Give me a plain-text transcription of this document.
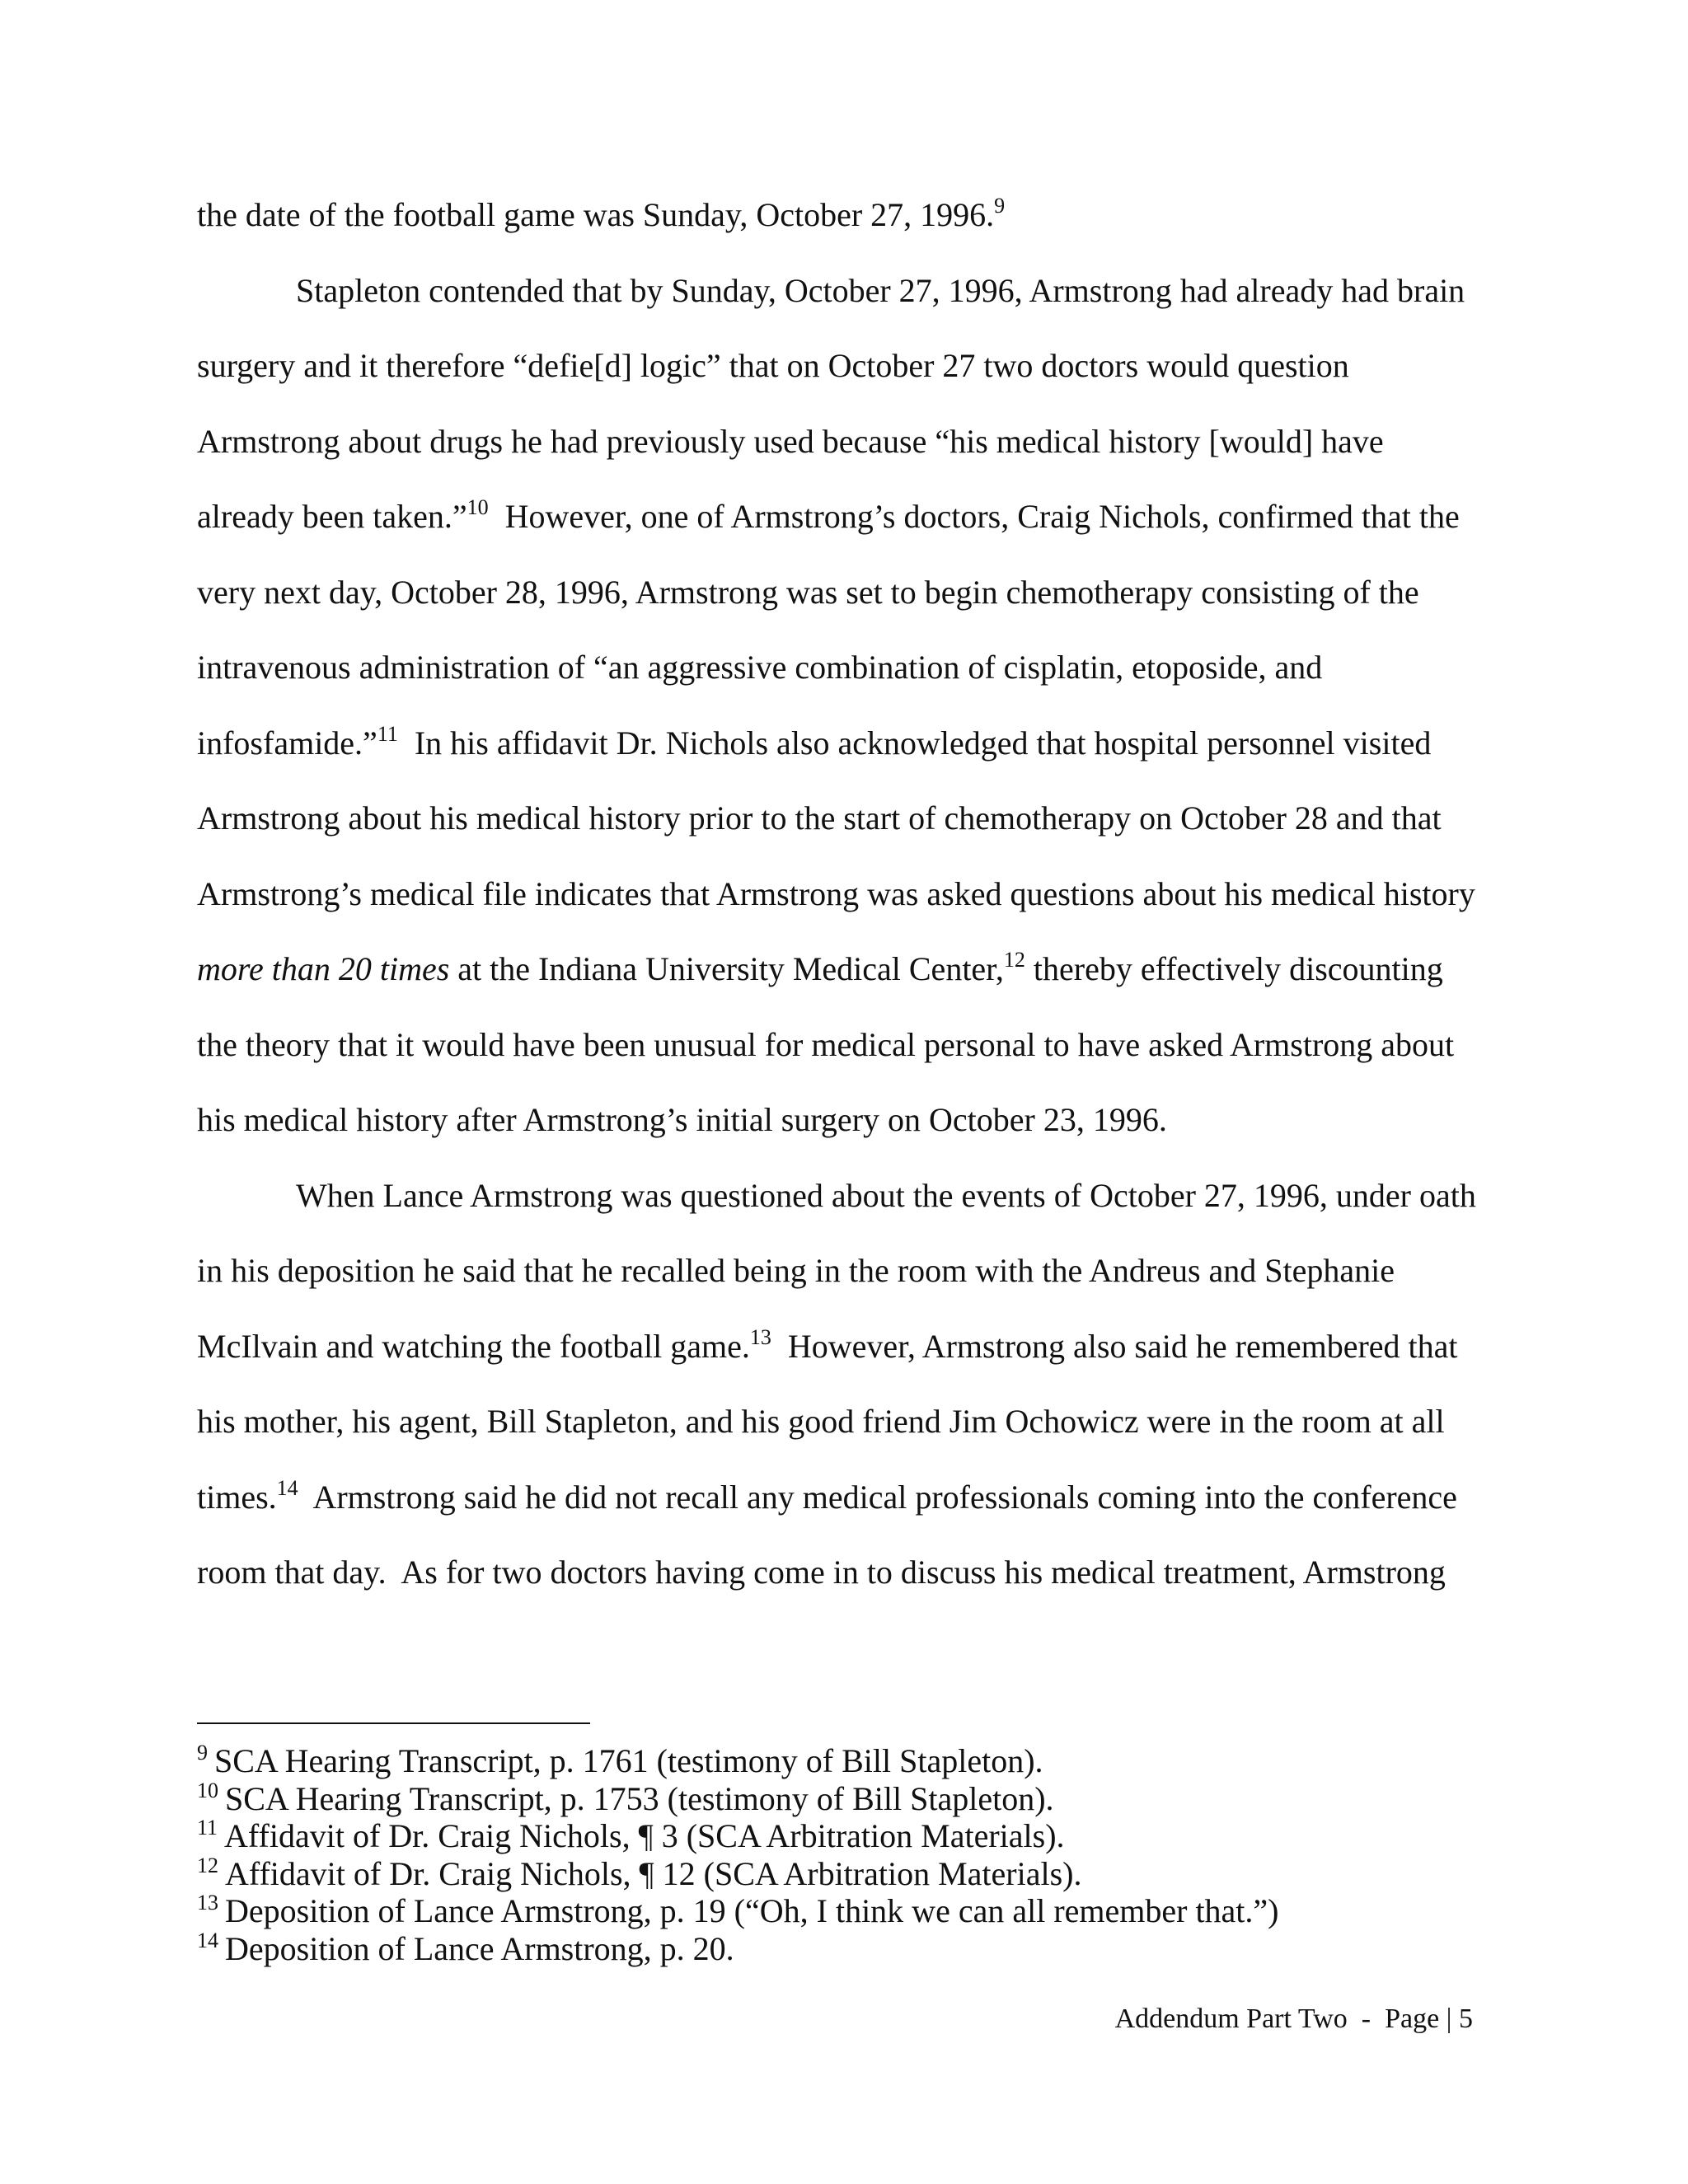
the date of the football game was Sunday, October 27, 1996.$^9$
Stapleton contended that by Sunday, October 27, 1996, Armstrong had already had brain
surgery and it therefore “defie[d] logic” that on October 27 two doctors would question
Armstrong about drugs he had previously used because “his medical history [would] have
already been taken.”$^{10}$  However, one of Armstrong’s doctors, Craig Nichols, confirmed that the
very next day, October 28, 1996, Armstrong was set to begin chemotherapy consisting of the
intravenous administration of “an aggressive combination of cisplatin, etoposide, and
infosfamide.”$^{11}$  In his affidavit Dr. Nichols also acknowledged that hospital personnel visited
Armstrong about his medical history prior to the start of chemotherapy on October 28 and that
Armstrong’s medical file indicates that Armstrong was asked questions about his medical history
more than 20 times at the Indiana University Medical Center,$^{12}$ thereby effectively discounting
the theory that it would have been unusual for medical personal to have asked Armstrong about
his medical history after Armstrong’s initial surgery on October 23, 1996.
When Lance Armstrong was questioned about the events of October 27, 1996, under oath
in his deposition he said that he recalled being in the room with the Andreus and Stephanie
McIlvain and watching the football game.$^{13}$  However, Armstrong also said he remembered that
his mother, his agent, Bill Stapleton, and his good friend Jim Ochowicz were in the room at all
times.$^{14}$  Armstrong said he did not recall any medical professionals coming into the conference
room that day.  As for two doctors having come in to discuss his medical treatment, Armstrong
$^9$ SCA Hearing Transcript, p. 1761 (testimony of Bill Stapleton).
$^{10}$ SCA Hearing Transcript, p. 1753 (testimony of Bill Stapleton).
$^{11}$ Affidavit of Dr. Craig Nichols, ¶ 3 (SCA Arbitration Materials).
$^{12}$ Affidavit of Dr. Craig Nichols, ¶ 12 (SCA Arbitration Materials).
$^{13}$ Deposition of Lance Armstrong, p. 19 (“Oh, I think we can all remember that.”)
$^{14}$ Deposition of Lance Armstrong, p. 20.
Addendum Part Two  -  Page | 5
